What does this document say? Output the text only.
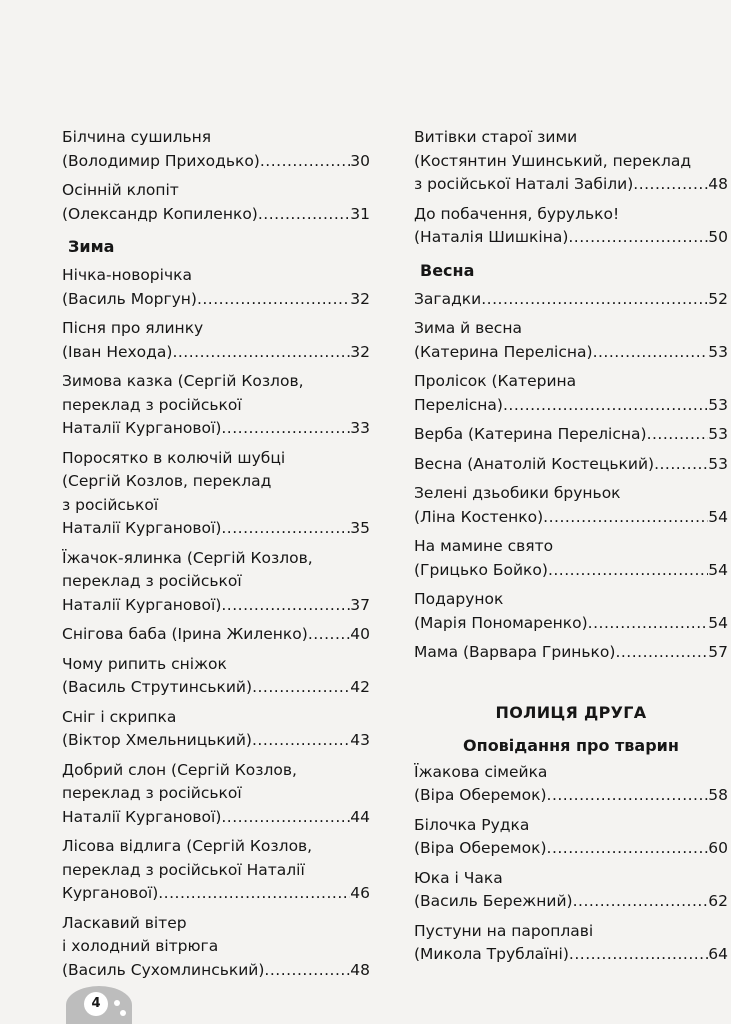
Білчина сушильня
(Володимир Приходько) .....	30
Осінній клопіт
(Олександр Копиленко) .....	31
Зима
Нічка-новорічка
(Василь Моргун) .....	32
Пісня про ялинку
(Іван Нехода) .....	32
Зимова казка (Сергій Козлов,
переклад з російської
Наталії Курганової) .....	33
Поросятко в колючій шубці
(Сергій Козлов, переклад
з російської
Наталії Курганової) .....	35
Їжачок-ялинка (Сергій Козлов,
переклад з російської
Наталії Курганової) .....	37
Снігова баба (Ірина Жиленко) .....	40
Чому рипить сніжок
(Василь Струтинський) .....	42
Сніг і скрипка
(Віктор Хмельницький) .....	43
Добрий слон (Сергій Козлов,
переклад з російської
Наталії Курганової) .....	44
Лісова відлига (Сергій Козлов,
переклад з російської Наталії
Курганової) .....	46
Ласкавий вітер
і холодний вітрюга
(Василь Сухомлинський) .....	48
Витівки старої зими
(Костянтин Ушинський, переклад
з російської Наталі Забіли) .....	48
До побачення, бурулько!
(Наталія Шишкіна) .....	50
Весна
Загадки .....	52
Зима й весна
(Катерина Перелісна) .....	53
Пролісок (Катерина
Перелісна) .....	53
Верба (Катерина Перелісна) .....	53
Весна (Анатолій Костецький) .....	53
Зелені дзьобики бруньок
(Ліна Костенко) .....	54
На мамине свято
(Грицько Бойко) .....	54
Подарунок
(Марія Пономаренко) .....	54
Мама (Варвара Гринько) .....	57
ПОЛИЦЯ ДРУГА
Оповідання про тварин
Їжакова сімейка
(Віра Оберемок) .....	58
Білочка Рудка
(Віра Оберемок) .....	60
Юка і Чака
(Василь Бережний) .....	62
Пустуни на пароплаві
(Микола Трублаїні) .....	64
4
